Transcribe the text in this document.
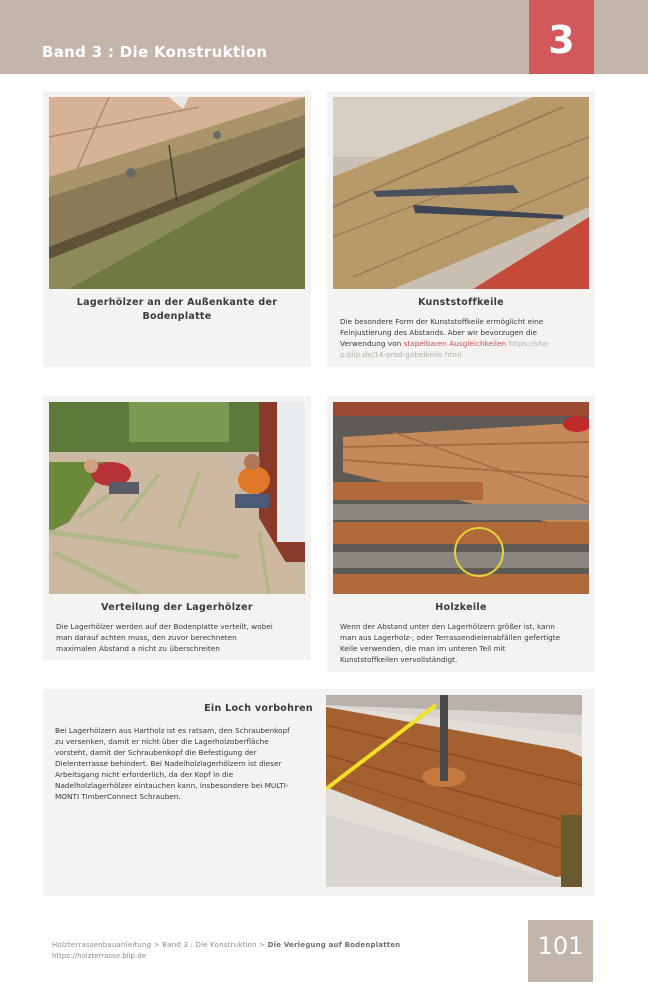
Band 3 : Die Konstruktion	3
Lagerhölzer an der Außenkante der
Bodenplatte
Kunststoffkeile
Die besondere Form der Kunststoffkeile ermöglicht eine
Feinjustierung des Abstands. Aber wir bevorzugen die
Verwendung von stapelbaren Ausgleichkeilen https://sho-
p.bilp.de/14-prod-gabelkeile.html
Verteilung der Lagerhölzer
Die Lagerhölzer werden auf der Bodenplatte verteilt, wobei
man darauf achten muss, den zuvor berechneten
maximalen Abstand a nicht zu überschreiten
Holzkeile
Wenn der Abstand unter den Lagerhölzern größer ist, kann
man aus Lagerholz-, oder Terrassendielenabfällen gefertigte
Keile verwenden, die man im unteren Teil mit
Kunststoffkeilen vervollständigt.
Ein Loch vorbohren
Bei Lagerhölzern aus Hartholz ist es ratsam, den Schraubenkopf
zu versenken, damit er nicht über die Lagerholzoberfläche
vorsteht, damit der Schraubenkopf die Befestigung der
Dielenterrasse behindert. Bei Nadelholzlagerhölzern ist dieser
Arbeitsgang nicht erforderlich, da der Kopf in die
Nadelholzlagerhölzer eintauchen kann, insbesondere bei MULTI-
MONTI TimberConnect Schrauben.
Holzterrassenbauanleitung > Band 3 : Die Konstruktion > Die Verlegung auf Bodenplatten
https://holzterrasse.bilp.de	101
